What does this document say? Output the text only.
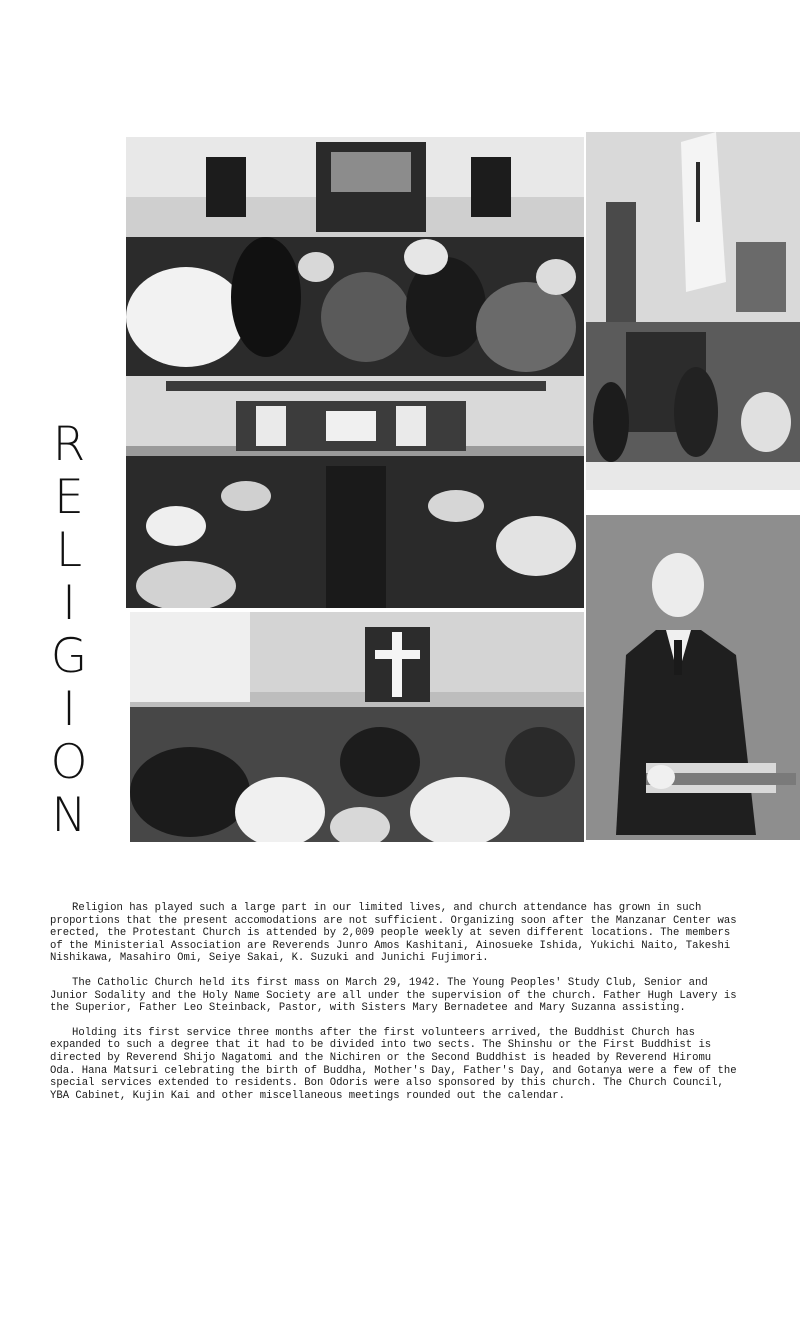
R
E
L
I
G
I
O
N

Religion has played such a large part in our limited lives, and church attendance has grown in such proportions that the present accomodations are not sufficient. Organizing soon after the Manzanar Center was erected, the Protestant Church is attended by 2,009 people weekly at seven different locations. The members of the Ministerial Association are Reverends Junro Amos Kashitani, Ainosueke Ishida, Yukichi Naito, Takeshi Nishikawa, Masahiro Omi, Seiye Sakai, K. Suzuki and Junichi Fujimori.

The Catholic Church held its first mass on March 29, 1942. The Young Peoples' Study Club, Senior and Junior Sodality and the Holy Name Society are all under the supervision of the church. Father Hugh Lavery is the Superior, Father Leo Steinback, Pastor, with Sisters Mary Bernadetee and Mary Suzanna assisting.

Holding its first service three months after the first volunteers arrived, the Buddhist Church has expanded to such a degree that it had to be divided into two sects. The Shinshu or the First Buddhist is directed by Reverend Shijo Nagatomi and the Nichiren or the Second Buddhist is headed by Reverend Hiromu Oda. Hana Matsuri celebrating the birth of Buddha, Mother's Day, Father's Day, and Gotanya were a few of the special services extended to residents. Bon Odoris were also sponsored by this church. The Church Council, YBA Cabinet, Kujin Kai and other miscellaneous meetings rounded out the calendar.
